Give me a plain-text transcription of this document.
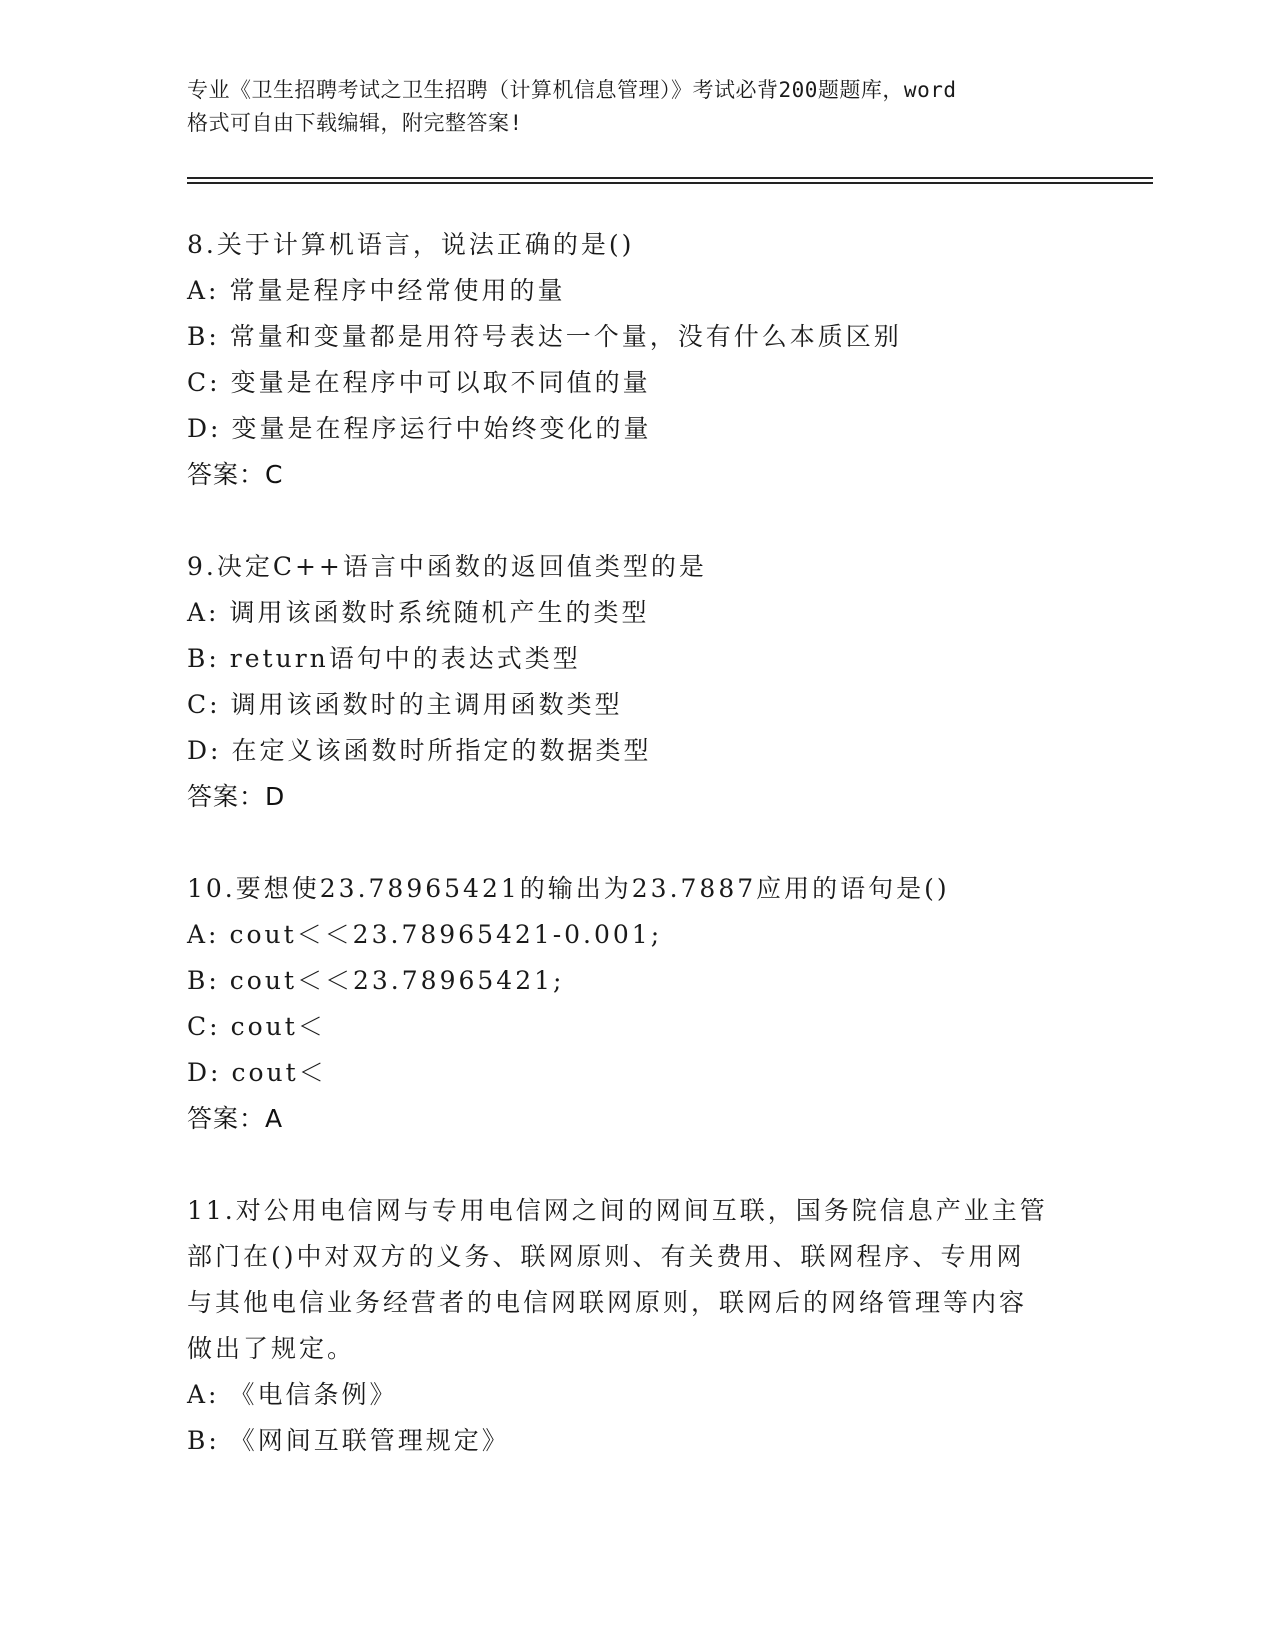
专业《卫生招聘考试之卫生招聘（计算机信息管理）》考试必背200题题库，word
格式可自由下载编辑，附完整答案!
8.关于计算机语言，说法正确的是()
A: 常量是程序中经常使用的量
B: 常量和变量都是用符号表达一个量，没有什么本质区别
C: 变量是在程序中可以取不同值的量
D: 变量是在程序运行中始终变化的量
答案：C
9.决定C++语言中函数的返回值类型的是
A: 调用该函数时系统随机产生的类型
B: return语句中的表达式类型
C: 调用该函数时的主调用函数类型
D: 在定义该函数时所指定的数据类型
答案：D
10.要想使23.78965421的输出为23.7887应用的语句是()
A: cout＜＜23.78965421-0.001;
B: cout＜＜23.78965421;
C: cout＜
D: cout＜
答案：A
11.对公用电信网与专用电信网之间的网间互联，国务院信息产业主管
部门在()中对双方的义务、联网原则、有关费用、联网程序、专用网
与其他电信业务经营者的电信网联网原则，联网后的网络管理等内容
做出了规定。
A: 《电信条例》
B: 《网间互联管理规定》
